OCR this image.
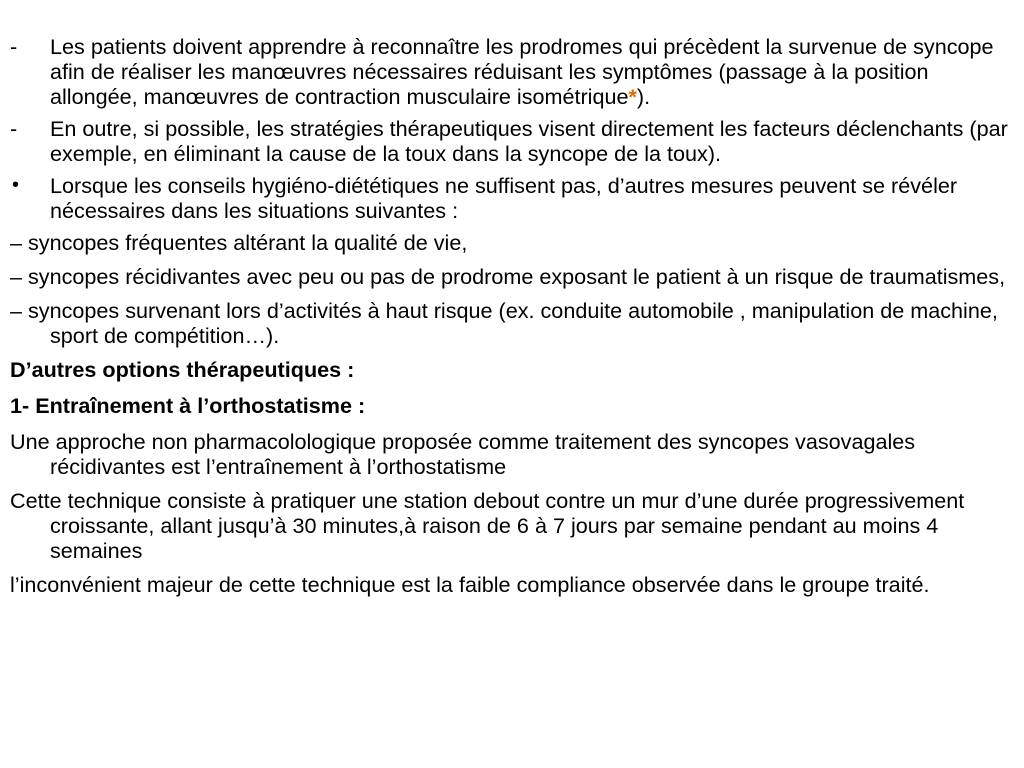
-	Les patients doivent apprendre à reconnaître les prodromes qui précèdent la survenue de syncope afin de réaliser les manœuvres nécessaires réduisant les symptômes (passage à la position allongée, manœuvres de contraction musculaire isométrique*).
-	En outre, si possible, les stratégies thérapeutiques visent directement les facteurs déclenchants (par exemple, en éliminant la cause de la toux dans la syncope de la toux).
•	Lorsque les conseils hygiéno-diététiques ne suffisent pas, d’autres mesures peuvent se révéler nécessaires dans les situations suivantes :

– syncopes fréquentes altérant la qualité de vie,

– syncopes récidivantes avec peu ou pas de prodrome exposant le patient à un risque de traumatismes,

– syncopes survenant lors d’activités à haut risque (ex. conduite automobile , manipulation de machine, sport de compétition…).

D’autres options thérapeutiques :

1- Entraînement à l’orthostatisme :

Une approche non pharmacolologique proposée comme traitement des syncopes vasovagales récidivantes est l’entraînement à l’orthostatisme

Cette technique consiste à pratiquer une station debout contre un mur d’une durée progressivement croissante, allant jusqu’à 30 minutes,à raison de 6 à 7 jours par semaine pendant au moins 4 semaines

l’inconvénient majeur de cette technique est la faible compliance observée dans le groupe traité.
